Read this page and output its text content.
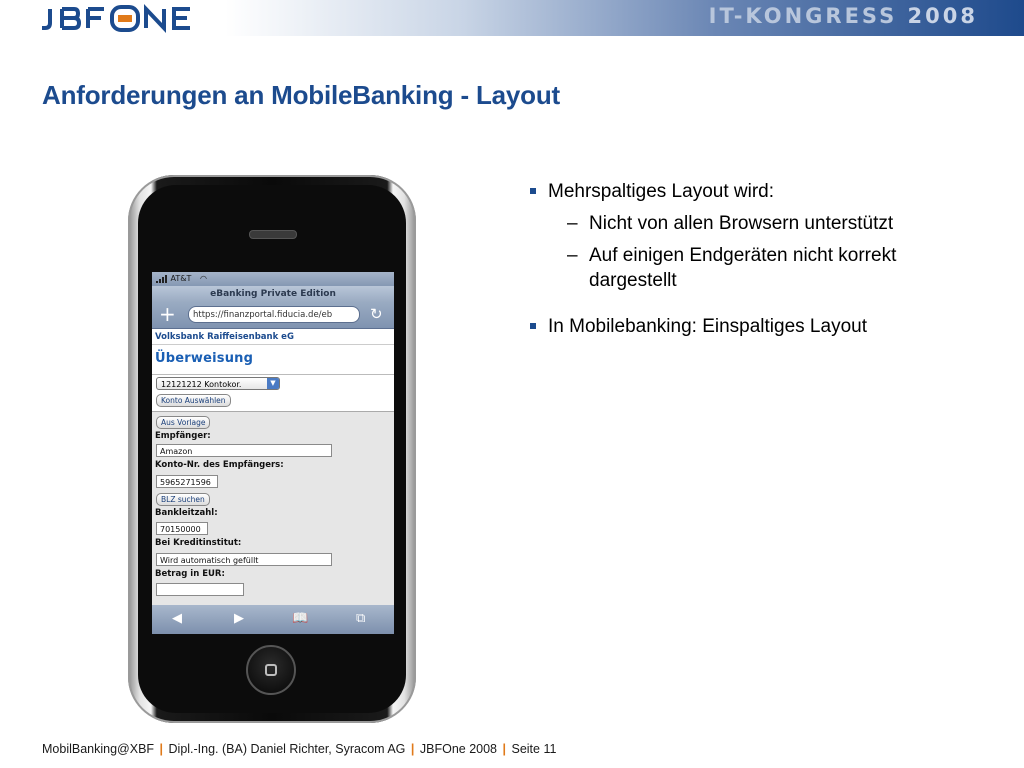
IT-KONGRESS 2008
Anforderungen an MobileBanking - Layout
AT&T ◠
eBanking Private Edition
+	https://finanzportal.fiducia.de/eb	↻
Volksbank Raiffeisenbank eG
Überweisung
12121212 Kontokor.	▼
Konto Auswählen
Aus Vorlage
Empfänger:
Amazon
Konto-Nr. des Empfängers:
5965271596
BLZ suchen
Bankleitzahl:
70150000
Bei Kreditinstitut:
Wird automatisch gefüllt
Betrag in EUR:
◀	▶	📖	⧉
Mehrspaltiges Layout wird:
– Nicht von allen Browsern unterstützt
– Auf einigen Endgeräten nicht korrekt dargestellt
In Mobilebanking: Einspaltiges Layout
MobilBanking@XBF | Dipl.-Ing. (BA) Daniel Richter, Syracom AG | JBFOne 2008 | Seite 11
